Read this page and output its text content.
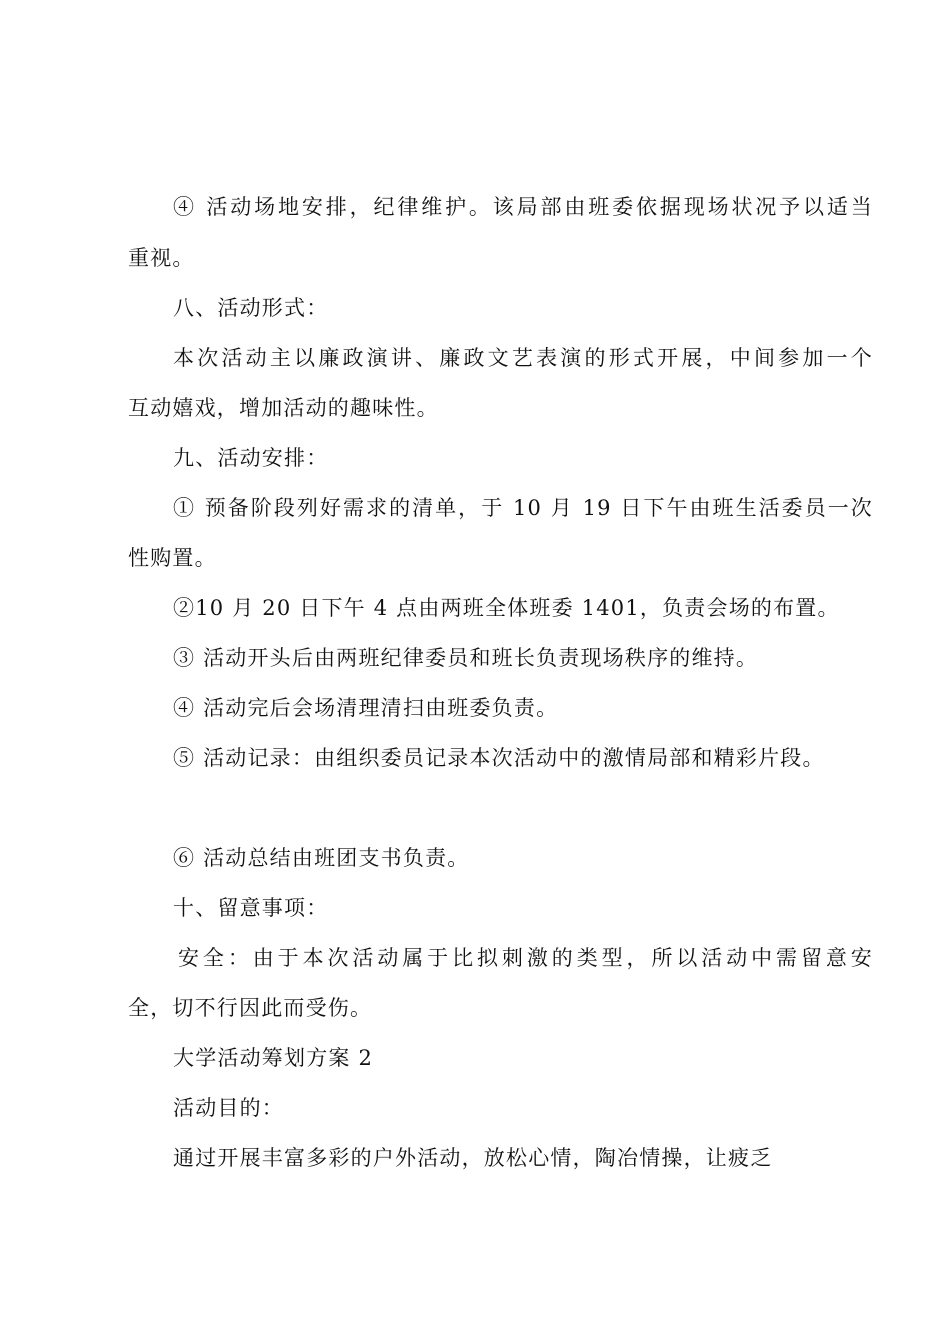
④ 活动场地安排，纪律维护。该局部由班委依据现场状况予以适当
重视。
八、活动形式：
本次活动主以廉政演讲、廉政文艺表演的形式开展，中间参加一个
互动嬉戏，增加活动的趣味性。
九、活动安排：
① 预备阶段列好需求的清单，于 10 月 19 日下午由班生活委员一次
性购置。
②10 月 20 日下午 4 点由两班全体班委 1401，负责会场的布置。
③ 活动开头后由两班纪律委员和班长负责现场秩序的维持。
④ 活动完后会场清理清扫由班委负责。
⑤ 活动记录：由组织委员记录本次活动中的激情局部和精彩片段。
⑥ 活动总结由班团支书负责。
十、留意事项：
安全：由于本次活动属于比拟刺激的类型，所以活动中需留意安
全，切不行因此而受伤。
大学活动筹划方案 2
活动目的：
通过开展丰富多彩的户外活动，放松心情，陶冶情操，让疲乏
